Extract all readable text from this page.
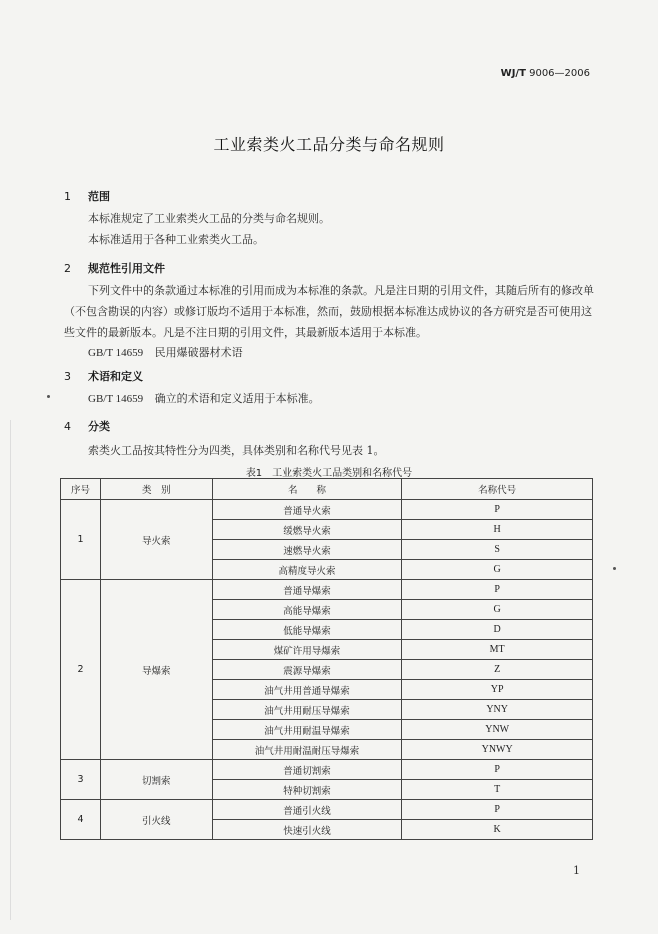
WJ/T 9006—2006
工业索类火工品分类与命名规则
1 范围
本标准规定了工业索类火工品的分类与命名规则。
本标准适用于各种工业索类火工品。
2 规范性引用文件
下列文件中的条款通过本标准的引用而成为本标准的条款。凡是注日期的引用文件，其随后所有的修改单（不包含勘误的内容）或修订版均不适用于本标准，然而，鼓励根据本标准达成协议的各方研究是否可使用这些文件的最新版本。凡是不注日期的引用文件，其最新版本适用于本标准。
GB/T 14659 民用爆破器材术语
3 术语和定义
GB/T 14659 确立的术语和定义适用于本标准。
4 分类
索类火工品按其特性分为四类，具体类别和名称代号见表 1。
表1　工业索类火工品类别和名称代号
序号	类　别	名　　称	名称代号
1	导火索	普通导火索	P
		缓燃导火索	H
		速燃导火索	S
		高精度导火索	G
2	导爆索	普通导爆索	P
		高能导爆索	G
		低能导爆索	D
		煤矿许用导爆索	MT
		震源导爆索	Z
		油气井用普通导爆索	YP
		油气井用耐压导爆索	YNY
		油气井用耐温导爆索	YNW
		油气井用耐温耐压导爆索	YNWY
3	切割索	普通切割索	P
		特种切割索	T
4	引火线	普通引火线	P
		快速引火线	K
1
